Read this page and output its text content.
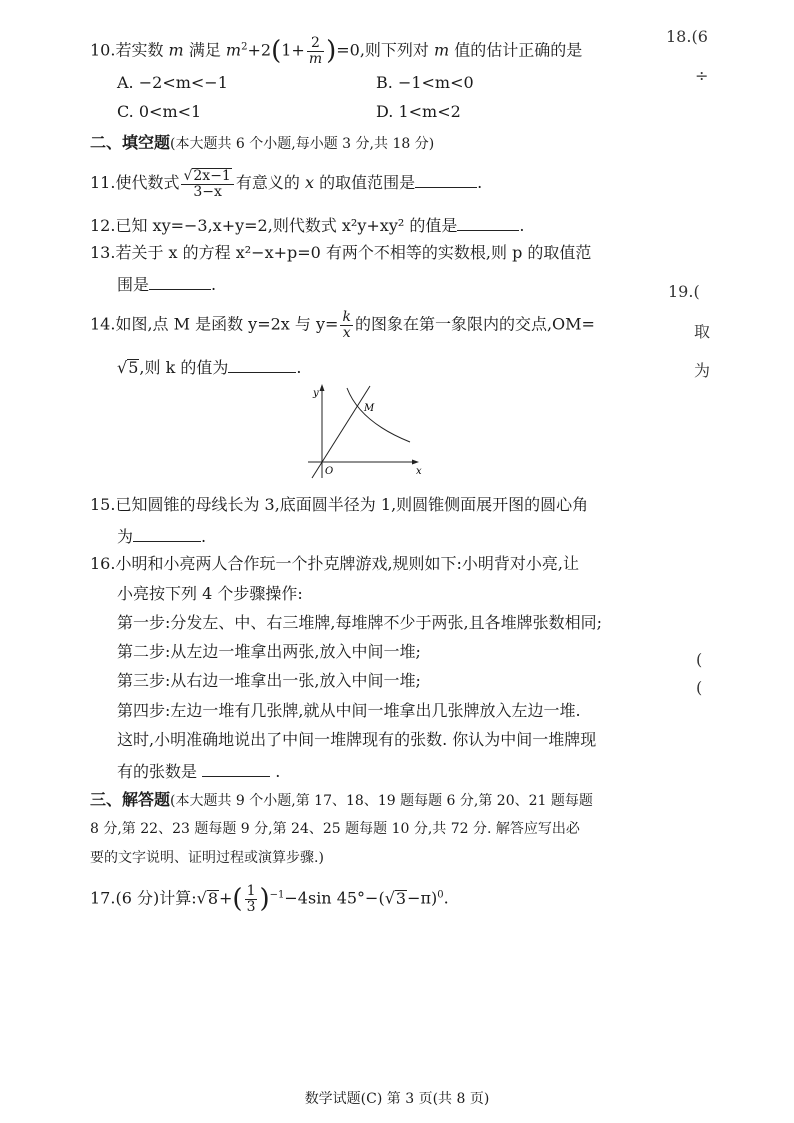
10.若实数 m 满足 $m^2+2(1+ \frac{2}{m} )=0$,则下列对 m 值的估计正确的是
A. −2<m<−1	B. −1<m<0
C. 0<m<1	D. 1<m<2
二、填空题(本大题共 6 个小题,每小题 3 分,共 18 分)
11.使代数式 $\frac{√2x-1}{3-x}$ 有意义的 x 的取值范围是	.
12.已知 xy=−3,x+y=2,则代数式 x²y+xy² 的值是	.
13.若关于 x 的方程 x²−x+p=0 有两个不相等的实数根,则 p 的取值范
围是	.
14.如图,点 M 是函数 y=2x 与 $y= \frac{k}{x}$ 的图象在第一象限内的交点,OM=
√5,则 k 的值为	.
y
x
O
M
15.已知圆锥的母线长为 3,底面圆半径为 1,则圆锥侧面展开图的圆心角
为	.
16.小明和小亮两人合作玩一个扑克牌游戏,规则如下:小明背对小亮,让
小亮按下列 4 个步骤操作:
第一步:分发左、中、右三堆牌,每堆牌不少于两张,且各堆牌张数相同;
第二步:从左边一堆拿出两张,放入中间一堆;
第三步:从右边一堆拿出一张,放入中间一堆;
第四步:左边一堆有几张牌,就从中间一堆拿出几张牌放入左边一堆.
这时,小明准确地说出了中间一堆牌现有的张数. 你认为中间一堆牌现
有的张数是	.
三、解答题(本大题共 9 个小题,第 17、18、19 题每题 6 分,第 20、21 题每题
8 分,第 22、23 题每题 9 分,第 24、25 题每题 10 分,共 72 分. 解答应写出必
要的文字说明、证明过程或演算步骤.)
17.(6 分)计算:√8+( $\frac{1}{3} )^{-1}-4\sin$ $45^\circ-(√3-\pi)^0$.
18.(6
÷
19.(
取
为
(
(
数学试题(C) 第 3 页(共 8 页)
